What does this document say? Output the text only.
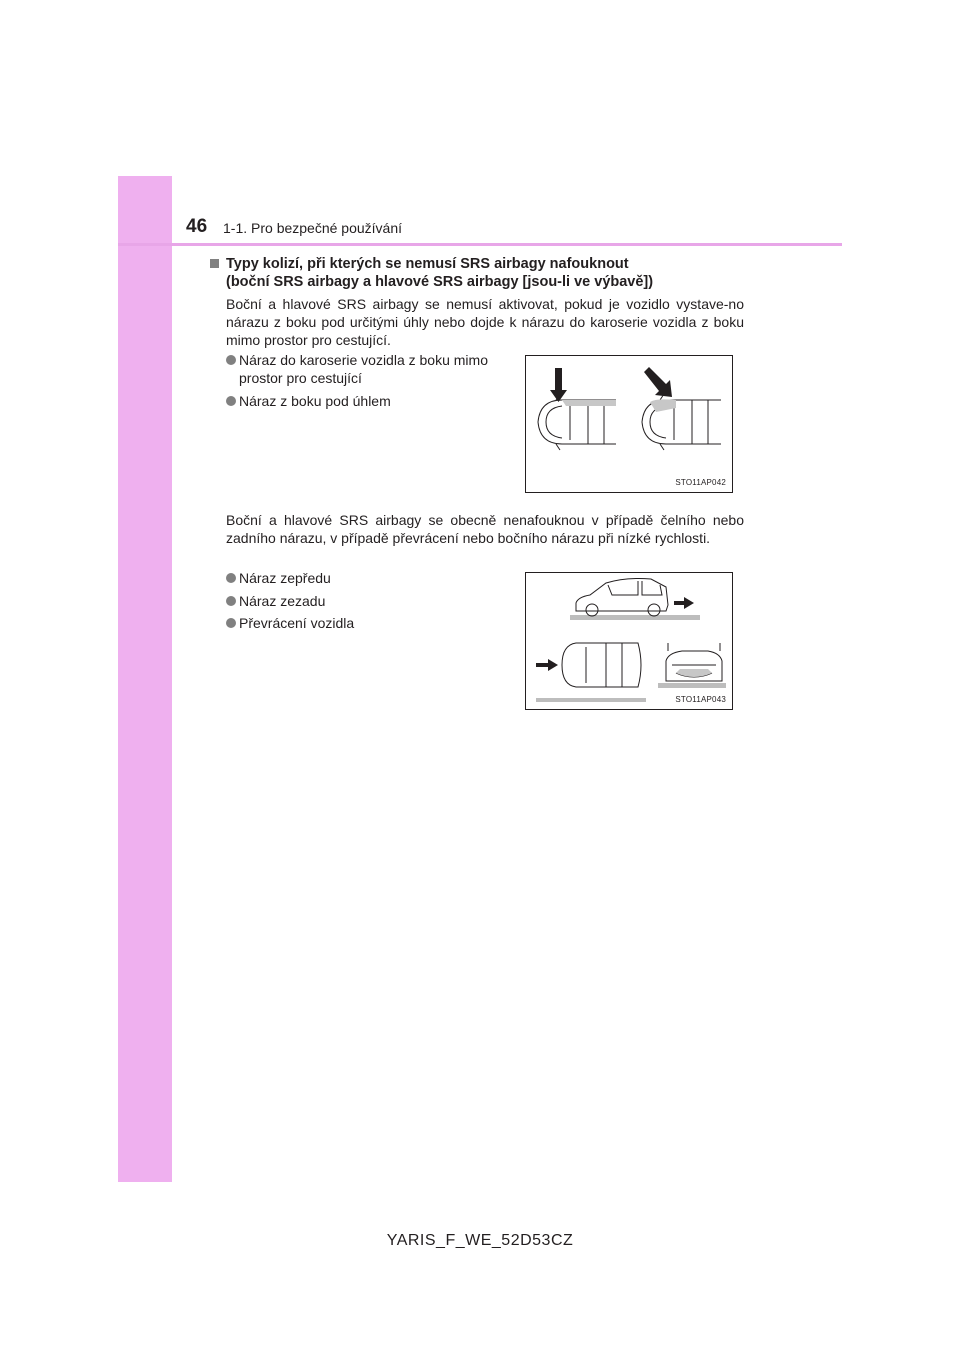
46 1-1. Pro bezpečné používání
Typy kolizí, při kterých se nemusí SRS airbagy nafouknout
(boční SRS airbagy a hlavové SRS airbagy [jsou-li ve výbavě])
Boční a hlavové SRS airbagy se nemusí aktivovat, pokud je vozidlo vystave-no nárazu z boku pod určitými úhly nebo dojde k nárazu do karoserie vozidla z boku mimo prostor pro cestující.
Náraz do karoserie vozidla z boku mimo prostor pro cestující
Náraz z boku pod úhlem
STO11AP042
Boční a hlavové SRS airbagy se obecně nenafouknou v případě čelního nebo zadního nárazu, v případě převrácení nebo bočního nárazu při nízké rychlosti.
Náraz zepředu
Náraz zezadu
Převrácení vozidla
STO11AP043
YARIS_F_WE_52D53CZ
